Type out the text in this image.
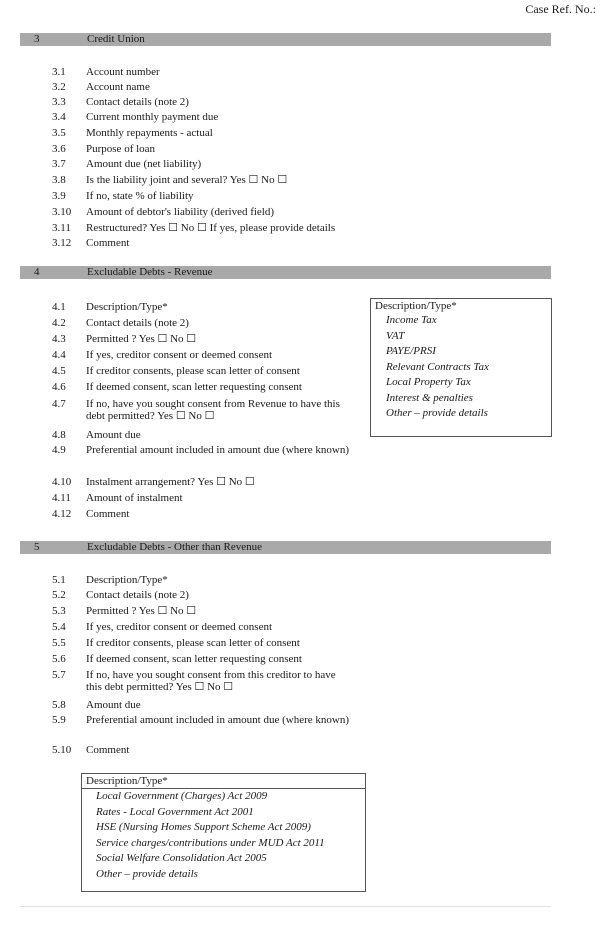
Case Ref. No.:
3	Credit Union
3.1 Account number
3.2 Account name
3.3 Contact details (note 2)
3.4 Current monthly payment due
3.5 Monthly repayments - actual
3.6 Purpose of loan
3.7 Amount due (net liability)
3.8 Is the liability joint and several? Yes ☐ No ☐
3.9 If no, state % of liability
3.10 Amount of debtor's liability (derived field)
3.11 Restructured? Yes ☐ No ☐ If yes, please provide details
3.12 Comment
4	Excludable Debts - Revenue
4.1 Description/Type*
4.2 Contact details (note 2)
4.3 Permitted ? Yes ☐ No ☐
4.4 If yes, creditor consent or deemed consent
4.5 If creditor consents, please scan letter of consent
4.6 If deemed consent, scan letter requesting consent
4.7 If no, have you sought consent from Revenue to have this debt permitted? Yes ☐ No ☐
4.8 Amount due
4.9 Preferential amount included in amount due (where known)
4.10 Instalment arrangement? Yes ☐ No ☐
4.11 Amount of instalment
4.12 Comment
Description/Type*
Income Tax
VAT
PAYE/PRSI
Relevant Contracts Tax
Local Property Tax
Interest & penalties
Other – provide details
5	Excludable Debts - Other than Revenue
5.1 Description/Type*
5.2 Contact details (note 2)
5.3 Permitted ? Yes ☐ No ☐
5.4 If yes, creditor consent or deemed consent
5.5 If creditor consents, please scan letter of consent
5.6 If deemed consent, scan letter requesting consent
5.7 If no, have you sought consent from this creditor to have this debt permitted? Yes ☐ No ☐
5.8 Amount due
5.9 Preferential amount included in amount due (where known)
5.10 Comment
Description/Type*
Local Government (Charges) Act 2009
Rates - Local Government Act 2001
HSE (Nursing Homes Support Scheme Act 2009)
Service charges/contributions under MUD Act 2011
Social Welfare Consolidation Act 2005
Other – provide details
